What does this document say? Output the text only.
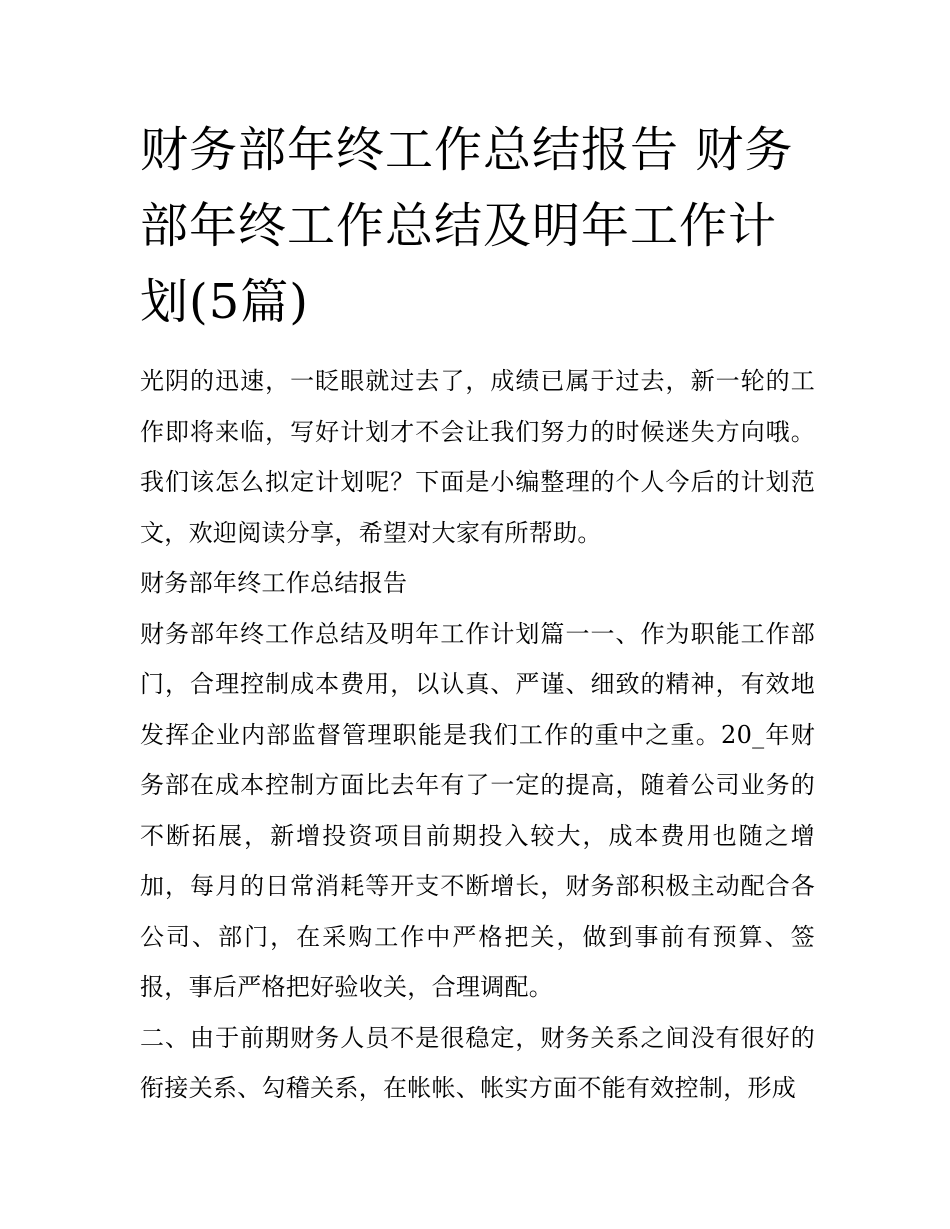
财务部年终工作总结报告 财务部年终工作总结及明年工作计划(5篇)

光阴的迅速，一眨眼就过去了，成绩已属于过去，新一轮的工作即将来临，写好计划才不会让我们努力的时候迷失方向哦。我们该怎么拟定计划呢？下面是小编整理的个人今后的计划范文，欢迎阅读分享，希望对大家有所帮助。

财务部年终工作总结报告

财务部年终工作总结及明年工作计划篇一一、作为职能工作部门，合理控制成本费用，以认真、严谨、细致的精神，有效地发挥企业内部监督管理职能是我们工作的重中之重。20_年财务部在成本控制方面比去年有了一定的提高，随着公司业务的不断拓展，新增投资项目前期投入较大，成本费用也随之增加，每月的日常消耗等开支不断增长，财务部积极主动配合各公司、部门，在采购工作中严格把关，做到事前有预算、签报，事后严格把好验收关，合理调配。

二、由于前期财务人员不是很稳定，财务关系之间没有很好的衔接关系、勾稽关系，在帐帐、帐实方面不能有效控制，形成
